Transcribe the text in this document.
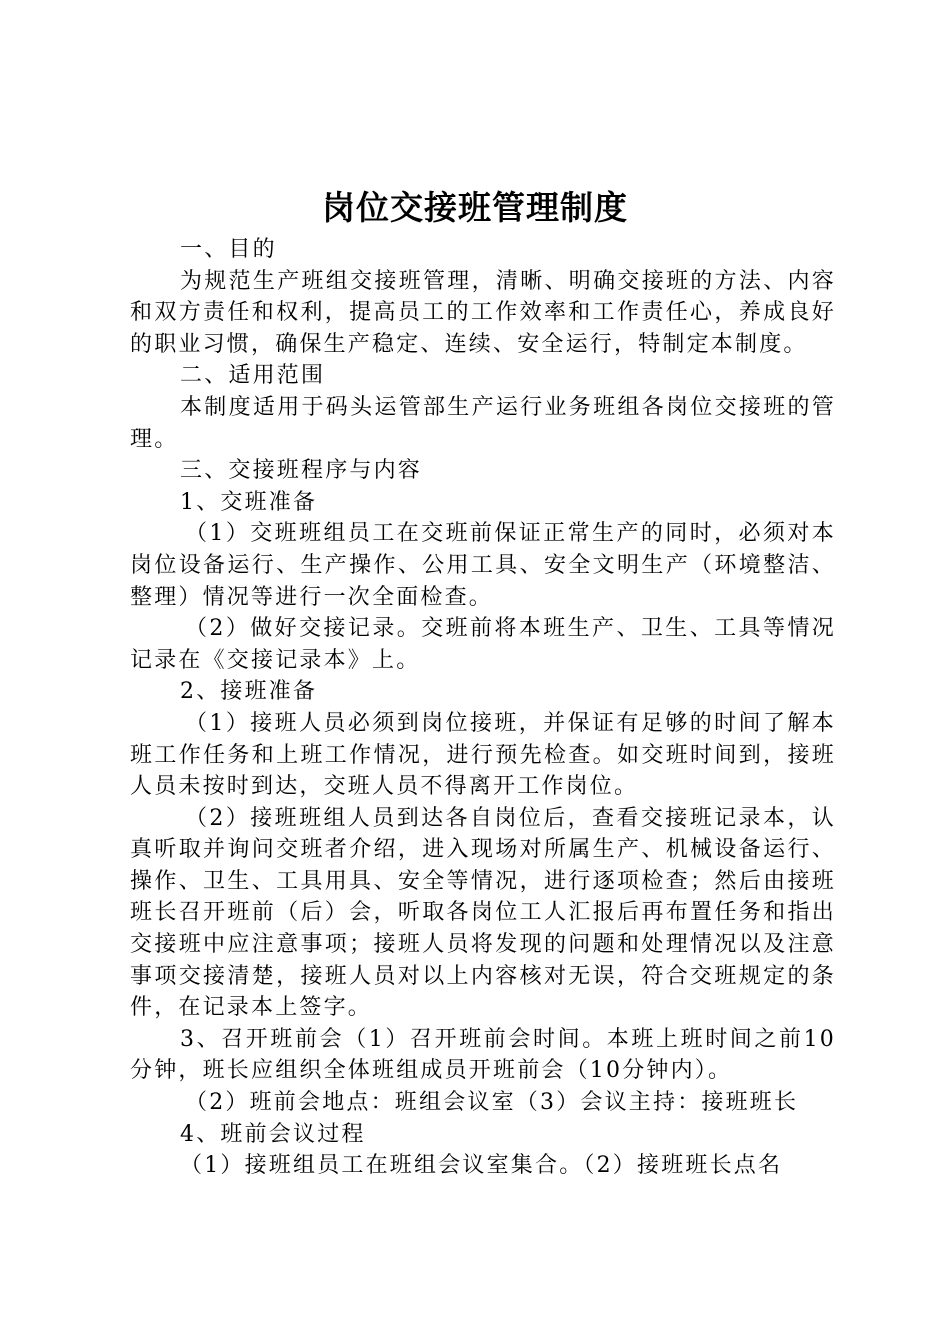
岗位交接班管理制度

一、目的

为规范生产班组交接班管理，清晰、明确交接班的方法、内容和双方责任和权利，提高员工的工作效率和工作责任心，养成良好的职业习惯，确保生产稳定、连续、安全运行，特制定本制度。

二、适用范围

本制度适用于码头运管部生产运行业务班组各岗位交接班的管理。

三、交接班程序与内容

1、交班准备

（1）交班班组员工在交班前保证正常生产的同时，必须对本岗位设备运行、生产操作、公用工具、安全文明生产（环境整洁、整理）情况等进行一次全面检查。

（2）做好交接记录。交班前将本班生产、卫生、工具等情况记录在《交接记录本》上。

2、接班准备

（1）接班人员必须到岗位接班，并保证有足够的时间了解本班工作任务和上班工作情况，进行预先检查。如交班时间到，接班人员未按时到达，交班人员不得离开工作岗位。

（2）接班班组人员到达各自岗位后，查看交接班记录本，认真听取并询问交班者介绍，进入现场对所属生产、机械设备运行、操作、卫生、工具用具、安全等情况，进行逐项检查；然后由接班班长召开班前（后）会，听取各岗位工人汇报后再布置任务和指出交接班中应注意事项；接班人员将发现的问题和处理情况以及注意事项交接清楚，接班人员对以上内容核对无误，符合交班规定的条件，在记录本上签字。

3、召开班前会（1）召开班前会时间。本班上班时间之前10分钟，班长应组织全体班组成员开班前会（10分钟内）。

（2）班前会地点：班组会议室（3）会议主持：接班班长

4、班前会议过程

（1）接班组员工在班组会议室集合。（2）接班班长点名
